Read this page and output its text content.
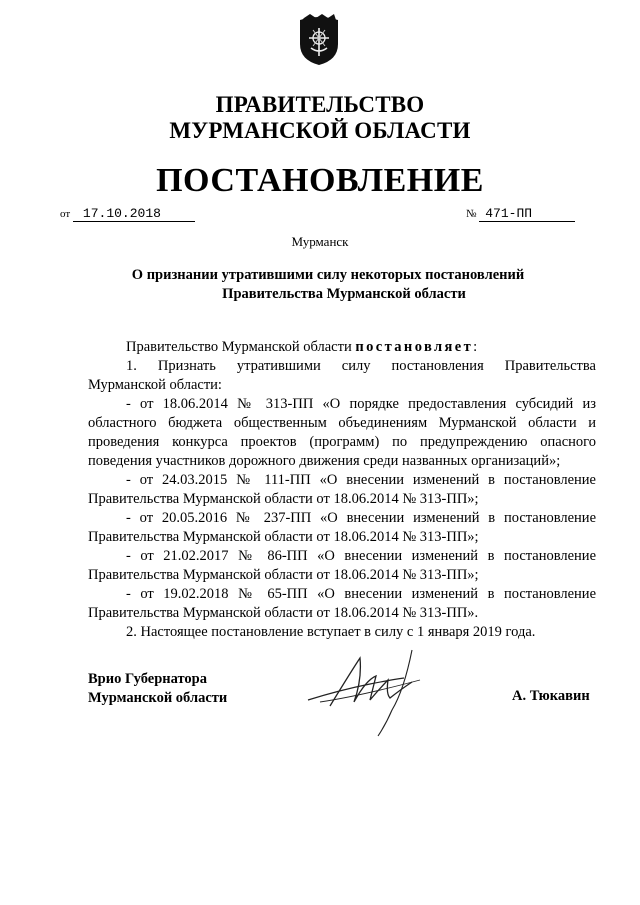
ПРАВИТЕЛЬСТВО
МУРМАНСКОЙ ОБЛАСТИ
ПОСТАНОВЛЕНИЕ
от 17.10.2018	№ 471-ПП
Мурманск
О признании утратившими силу некоторых постановлений
Правительства Мурманской области
Правительство Мурманской области постановляет:
1. Признать утратившими силу постановления Правительства
Мурманской области:
- от 18.06.2014 № 313-ПП «О порядке предоставления субсидий из
областного бюджета общественным объединениям Мурманской области и
проведения конкурса проектов (программ) по предупреждению опасного
поведения участников дорожного движения среди названных организаций»;
- от 24.03.2015 № 111-ПП «О внесении изменений в постановление
Правительства Мурманской области от 18.06.2014 № 313-ПП»;
- от 20.05.2016 № 237-ПП «О внесении изменений в постановление
Правительства Мурманской области от 18.06.2014 № 313-ПП»;
- от 21.02.2017 № 86-ПП «О внесении изменений в постановление
Правительства Мурманской области от 18.06.2014 № 313-ПП»;
- от 19.02.2018 № 65-ПП «О внесении изменений в постановление
Правительства Мурманской области от 18.06.2014 № 313-ПП».
2. Настоящее постановление вступает в силу с 1 января 2019 года.
Врио Губернатора
Мурманской области	А. Тюкавин
